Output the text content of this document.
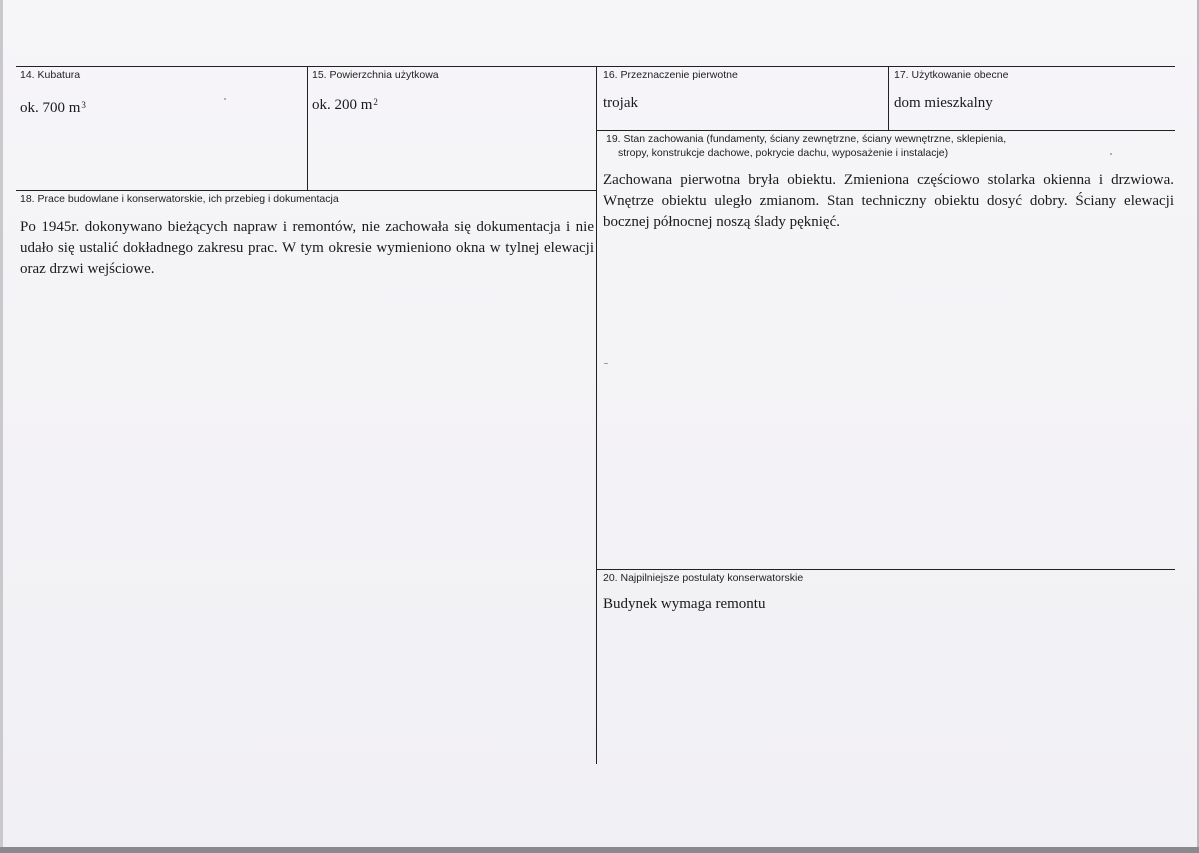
14. Kubatura
ok. 700 $m^3$
15. Powierzchnia użytkowa
ok. 200 $m^2$
16. Przeznaczenie pierwotne
trojak
17. Użytkowanie obecne
dom mieszkalny
19. Stan zachowania (fundamenty, ściany zewnętrzne, ściany wewnętrzne, sklepienia,
stropy, konstrukcje dachowe, pokrycie dachu, wyposażenie i instalacje)
Zachowana pierwotna bryła obiektu. Zmieniona częściowo stolarka okienna i drzwiowa. Wnętrze obiektu uległo zmianom. Stan techniczny obiektu dosyć dobry. Ściany elewacji bocznej północnej noszą ślady pęknięć.
18. Prace budowlane i konserwatorskie, ich przebieg i dokumentacja
Po 1945r. dokonywano bieżących napraw i remontów, nie zachowała się dokumentacja i nie udało się ustalić dokładnego zakresu prac. W tym okresie wymieniono okna w tylnej elewacji oraz drzwi wejściowe.
20. Najpilniejsze postulaty konserwatorskie
Budynek wymaga remontu
